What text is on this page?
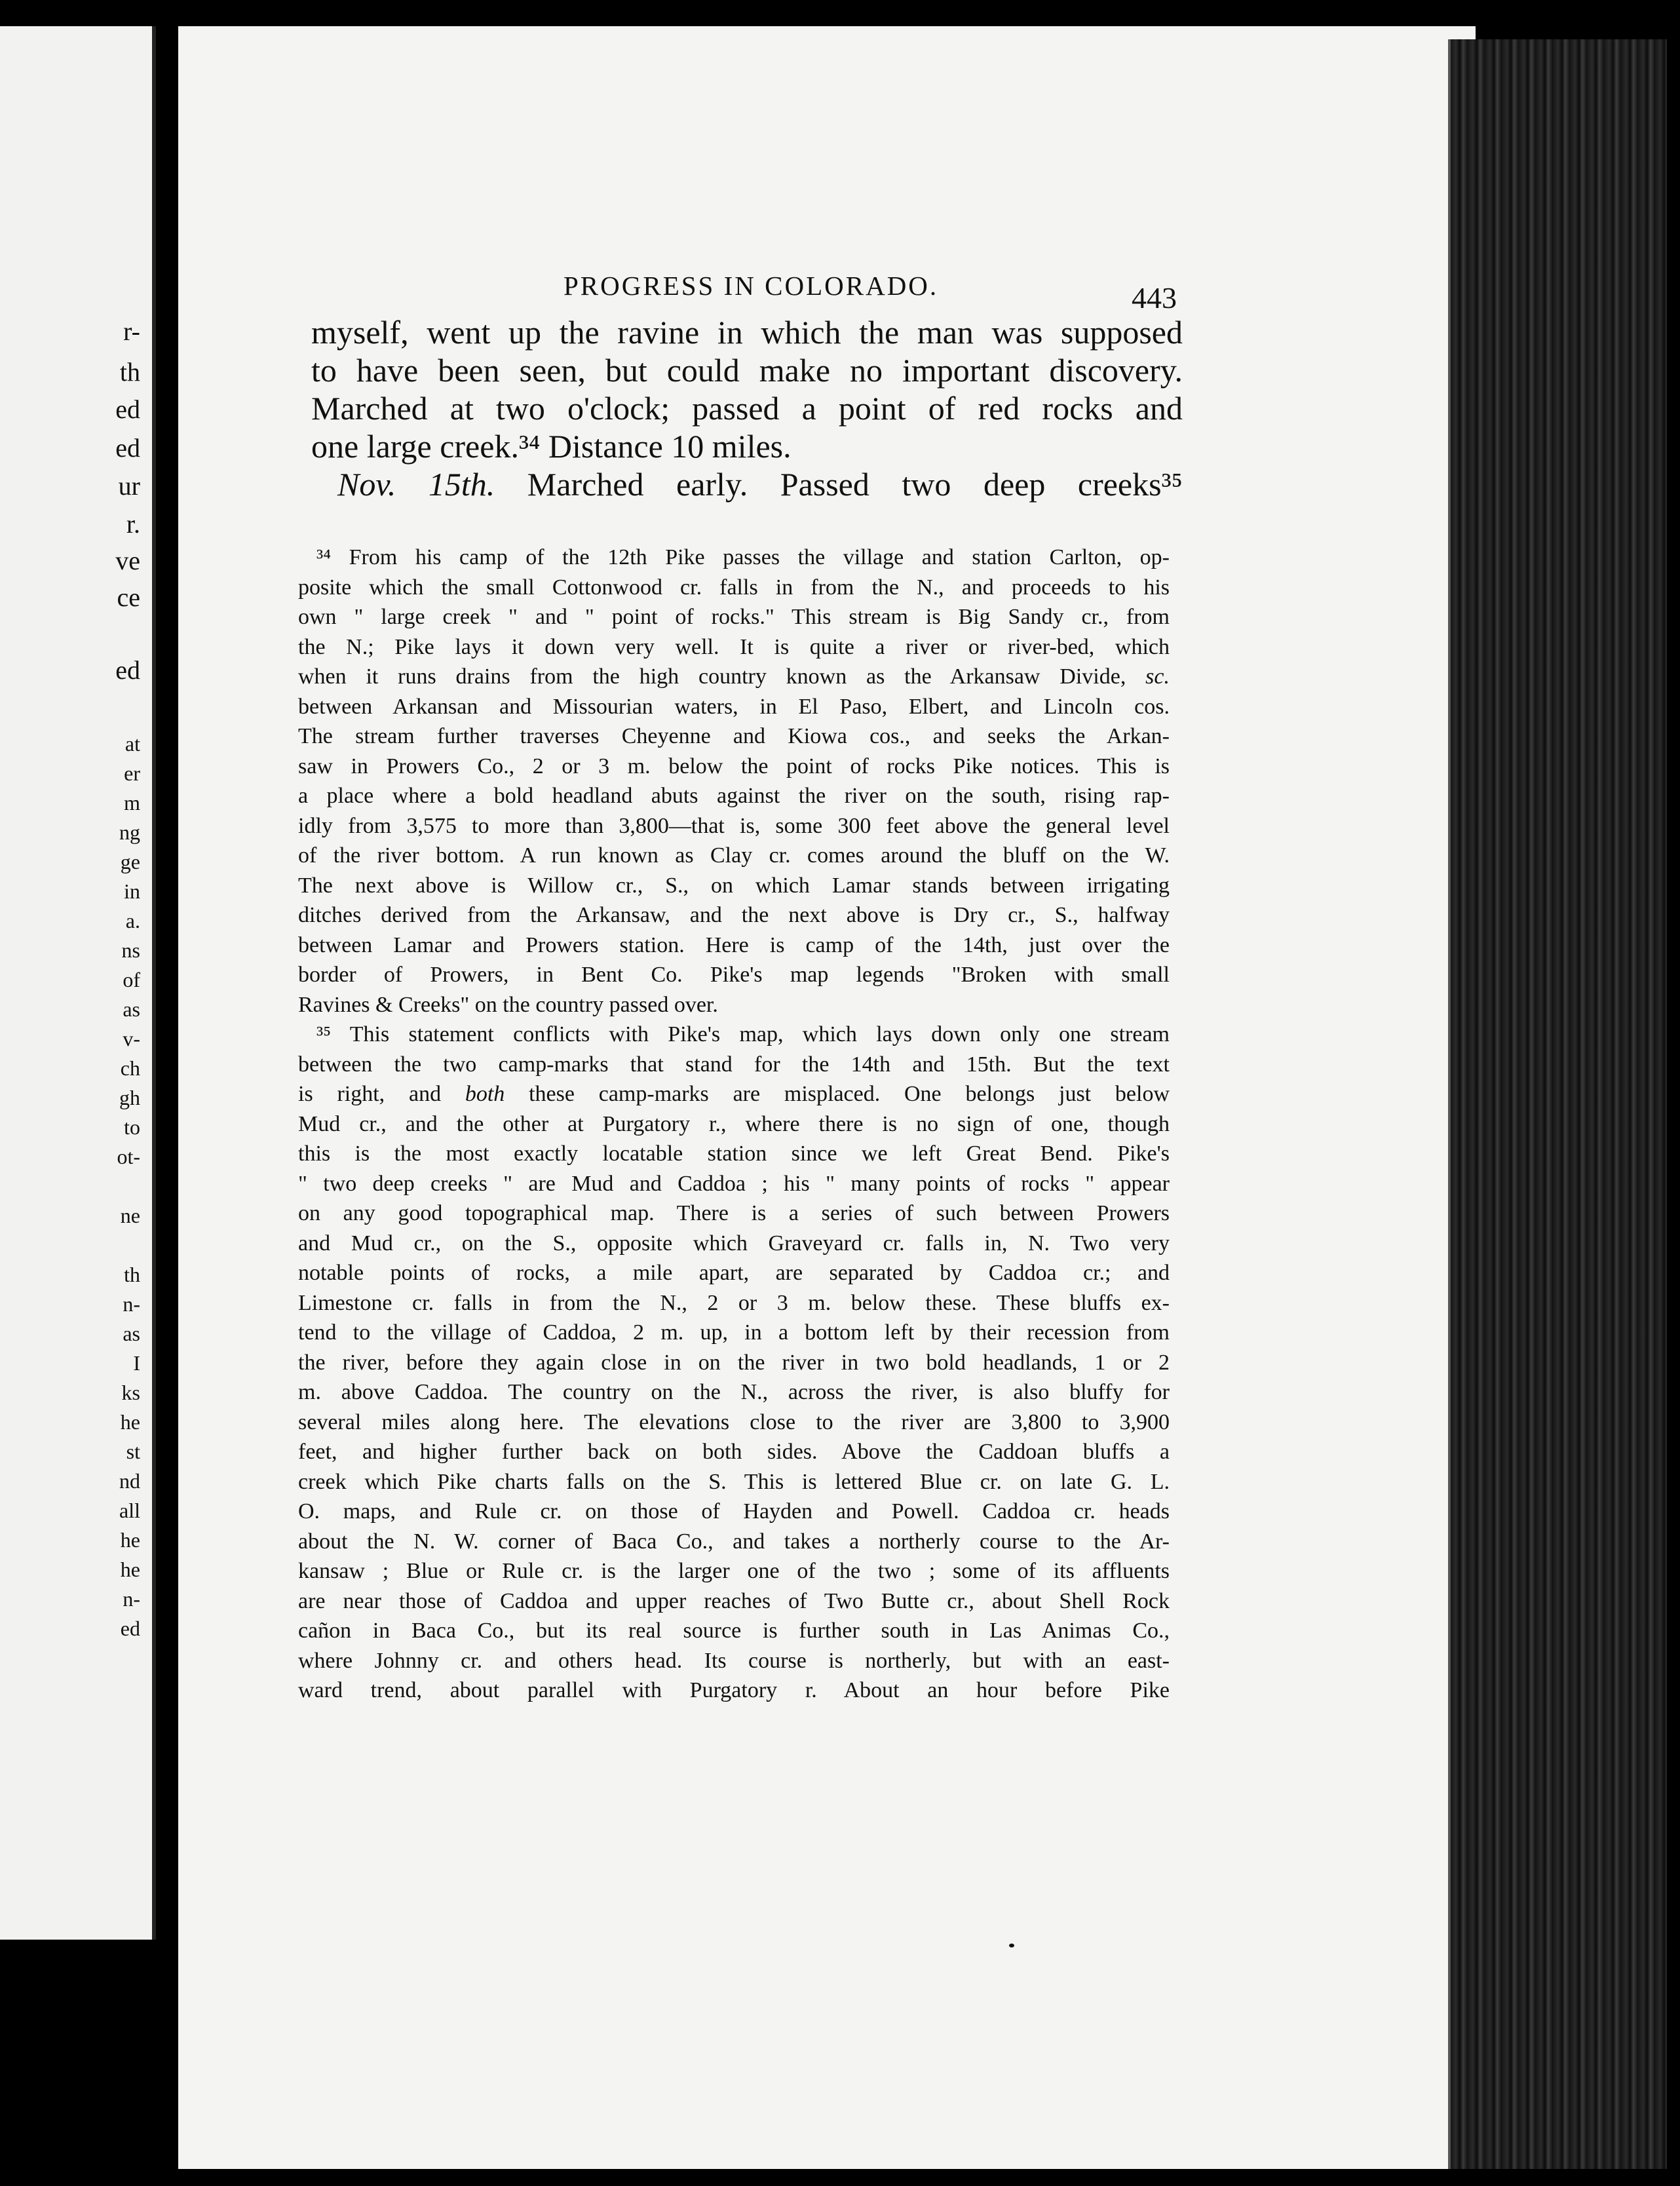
r-
th
ed
ed
ur
r.
ve
ce
ed
at
er
m
ng
ge
in
a.
ns
of
as
v-
ch
gh
to
ot-
ne
th
n-
as
I
ks
he
st
nd
all
he
he
n-
ed
PROGRESS IN COLORADO.	443
myself, went up the ravine in which the man was supposed
to have been seen, but could make no important discovery.
Marched at two o'clock; passed a point of red rocks and
one large creek.³⁴ Distance 10 miles.
Nov. 15th. Marched early. Passed two deep creeks³⁵
³⁴ From his camp of the 12th Pike passes the village and station Carlton, op-
posite which the small Cottonwood cr. falls in from the N., and proceeds to his
own " large creek " and " point of rocks." This stream is Big Sandy cr., from
the N.; Pike lays it down very well. It is quite a river or river-bed, which
when it runs drains from the high country known as the Arkansaw Divide, sc.
between Arkansan and Missourian waters, in El Paso, Elbert, and Lincoln cos.
The stream further traverses Cheyenne and Kiowa cos., and seeks the Arkan-
saw in Prowers Co., 2 or 3 m. below the point of rocks Pike notices. This is
a place where a bold headland abuts against the river on the south, rising rap-
idly from 3,575 to more than 3,800—that is, some 300 feet above the general level
of the river bottom. A run known as Clay cr. comes around the bluff on the W.
The next above is Willow cr., S., on which Lamar stands between irrigating
ditches derived from the Arkansaw, and the next above is Dry cr., S., halfway
between Lamar and Prowers station. Here is camp of the 14th, just over the
border of Prowers, in Bent Co. Pike's map legends "Broken with small
Ravines & Creeks" on the country passed over.
³⁵ This statement conflicts with Pike's map, which lays down only one stream
between the two camp-marks that stand for the 14th and 15th. But the text
is right, and both these camp-marks are misplaced. One belongs just below
Mud cr., and the other at Purgatory r., where there is no sign of one, though
this is the most exactly locatable station since we left Great Bend. Pike's
" two deep creeks " are Mud and Caddoa ; his " many points of rocks " appear
on any good topographical map. There is a series of such between Prowers
and Mud cr., on the S., opposite which Graveyard cr. falls in, N. Two very
notable points of rocks, a mile apart, are separated by Caddoa cr.; and
Limestone cr. falls in from the N., 2 or 3 m. below these. These bluffs ex-
tend to the village of Caddoa, 2 m. up, in a bottom left by their recession from
the river, before they again close in on the river in two bold headlands, 1 or 2
m. above Caddoa. The country on the N., across the river, is also bluffy for
several miles along here. The elevations close to the river are 3,800 to 3,900
feet, and higher further back on both sides. Above the Caddoan bluffs a
creek which Pike charts falls on the S. This is lettered Blue cr. on late G. L.
O. maps, and Rule cr. on those of Hayden and Powell. Caddoa cr. heads
about the N. W. corner of Baca Co., and takes a northerly course to the Ar-
kansaw ; Blue or Rule cr. is the larger one of the two ; some of its affluents
are near those of Caddoa and upper reaches of Two Butte cr., about Shell Rock
cañon in Baca Co., but its real source is further south in Las Animas Co.,
where Johnny cr. and others head. Its course is northerly, but with an east-
ward trend, about parallel with Purgatory r. About an hour before Pike
